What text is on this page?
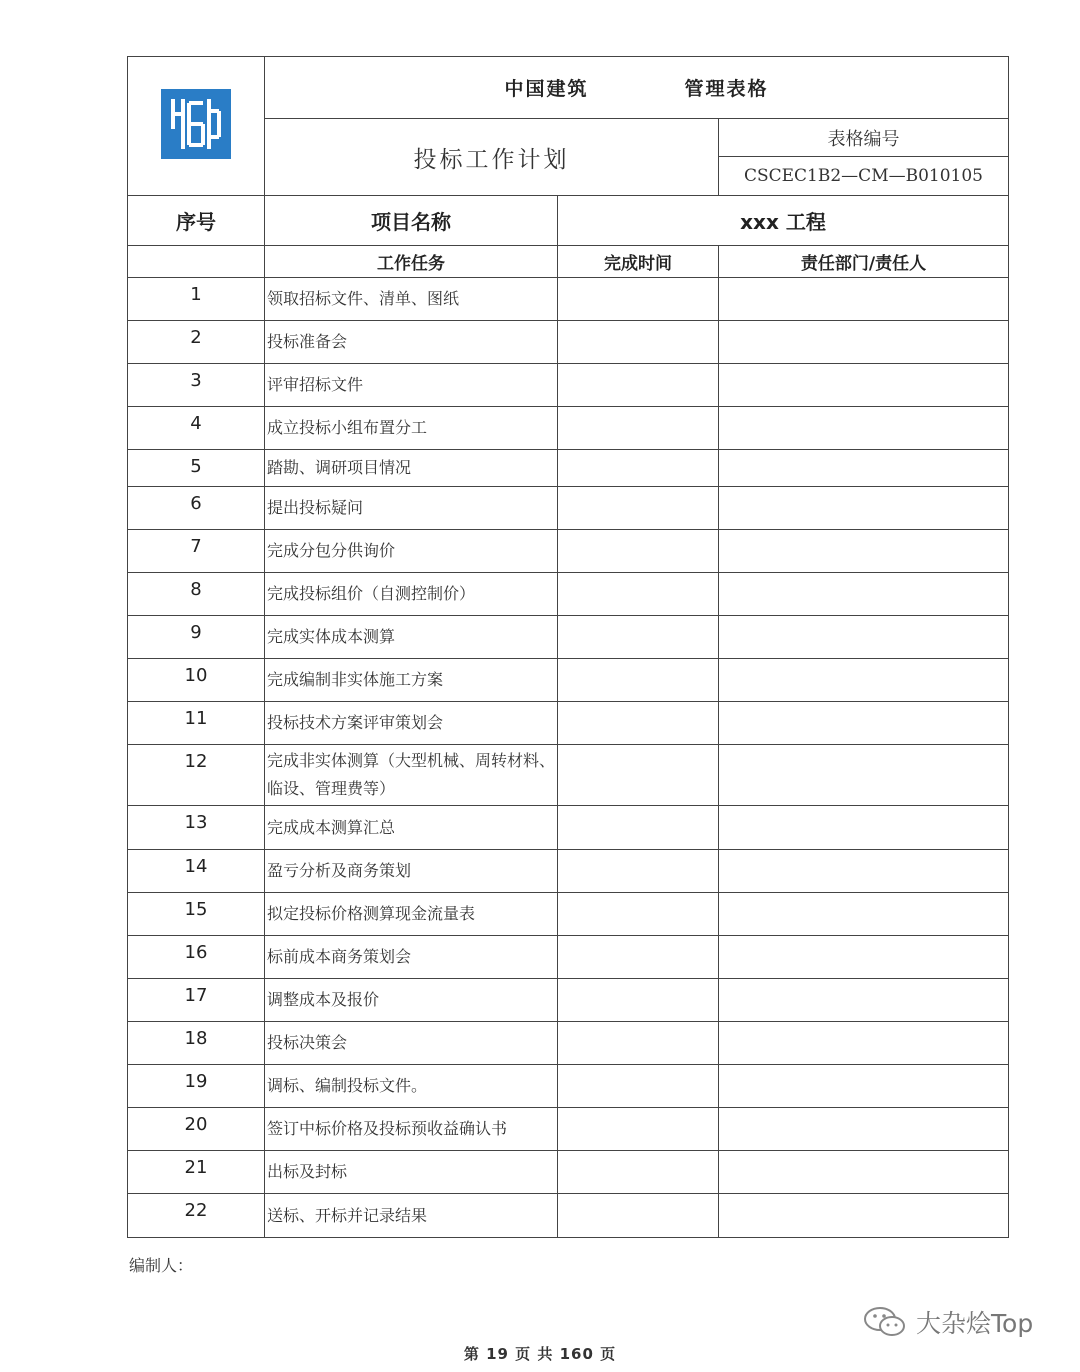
	中国建筑 管理表格		
	投标工作计划		表格编号
			CSCEC1B2—CM—B010105
序号	项目名称	xxx 工程	
	工作任务	完成时间	责任部门/责任人
1	领取招标文件、清单、图纸		
2	投标准备会		
3	评审招标文件		
4	成立投标小组布置分工		
5	踏勘、调研项目情况		
6	提出投标疑问		
7	完成分包分供询价		
8	完成投标组价（自测控制价）		
9	完成实体成本测算		
10	完成编制非实体施工方案		
11	投标技术方案评审策划会		
12	完成非实体测算（大型机械、周转材料、临设、管理费等）		
13	完成成本测算汇总		
14	盈亏分析及商务策划		
15	拟定投标价格测算现金流量表		
16	标前成本商务策划会		
17	调整成本及报价		
18	投标决策会		
19	调标、编制投标文件。		
20	签订中标价格及投标预收益确认书		
21	出标及封标		
22	送标、开标并记录结果		
编制人：
大杂烩Top
第 19 页 共 160 页
